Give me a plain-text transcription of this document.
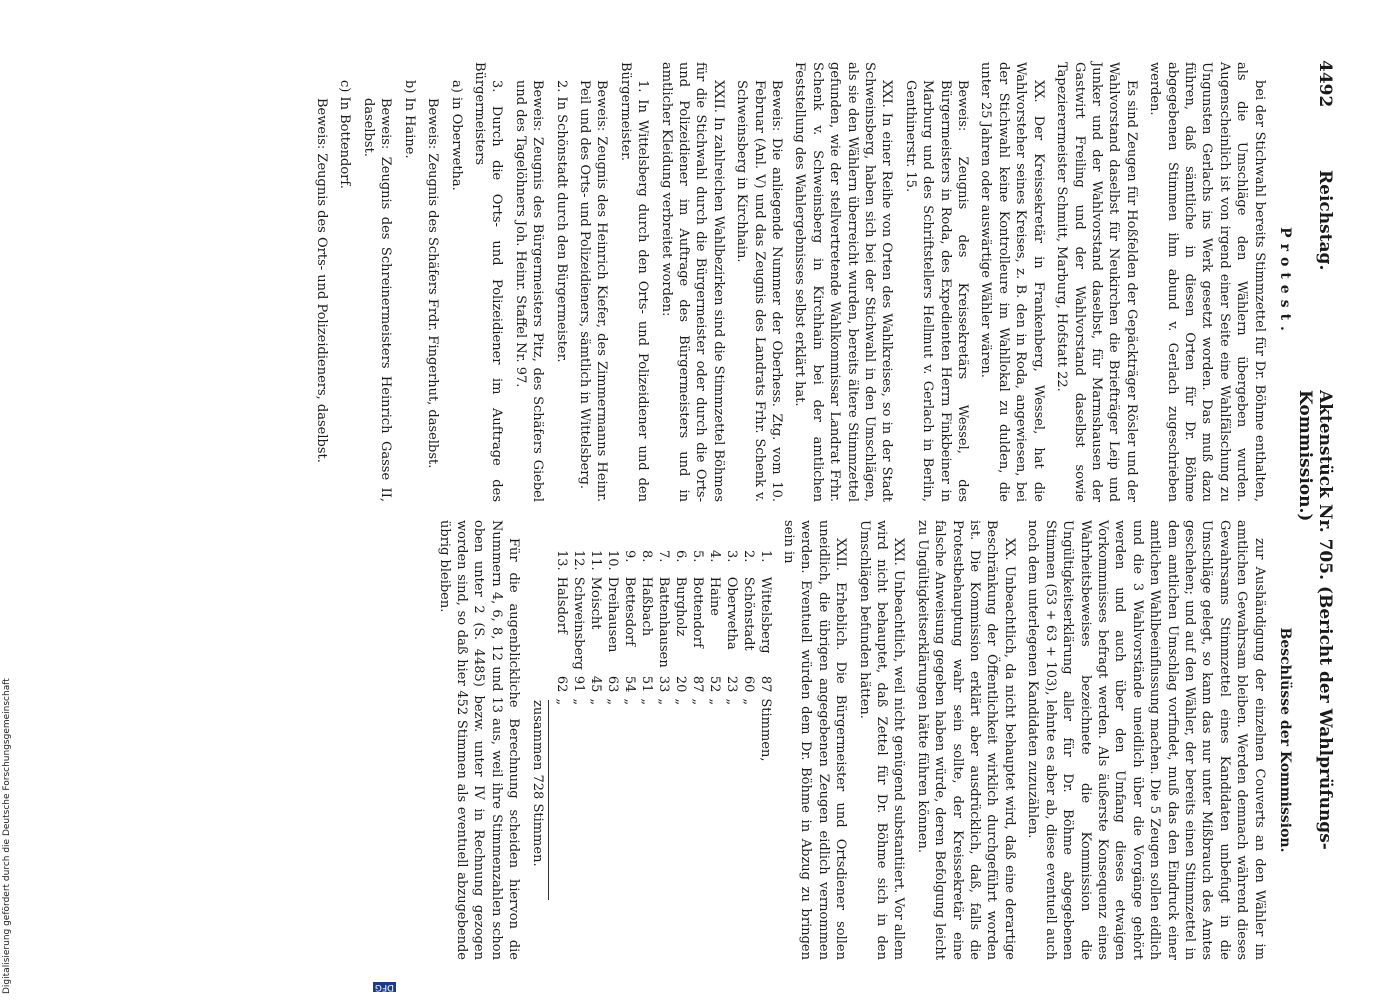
4492
Reichstag.
Aktenstück Nr. 705. (Bericht der Wahlprüfungs-Kommission.)
Protest.

bei der Stichwahl bereits Stimmzettel für Dr. Böhme enthalten, als die Umschläge den Wählern übergeben wurden. Augenscheinlich ist von irgend einer Seite eine Wahlfälschung zu Ungunsten Gerlachs ins Werk gesetzt worden. Das muß dazu führen, daß sämtliche in diesen Orten für Dr. Böhme abgegebenen Stimmen ihm abund v. Gerlach zugeschrieben werden.

Es sind Zeugen für Hoßfelden der Gepäckträger Rösler und der Wahlvorstand daselbst für Neukirchen die Briefträger Leip und Junker und der Wahlvorstand daselbst, für Marmshausen der Gastwirt Freiling und der Wahlvorstand daselbst sowie Tapezierermeister Schmitt, Marburg, Hofstatt 22.

XX. Der Kreissekretär in Frankenberg, Wessel, hat die Wahlvorsteher seines Kreises, z. B. den in Roda, angewiesen, bei der Stichwahl keine Kontrolleure im Wahllokal zu dulden, die unter 25 Jahren oder auswärtige Wähler wären.

Beweis: Zeugnis des Kreissekretärs Wessel, des Bürgermeisters in Roda, des Expedienten Herrn Finkbeiner in Marburg und des Schriftstellers Hellmut v. Gerlach in Berlin, Genthinerstr. 15.

XXI. In einer Reihe von Orten des Wahlkreises, so in der Stadt Schweinsberg, haben sich bei der Stichwahl in den Umschlägen, als sie den Wählern überreicht wurden, bereits ältere Stimmzettel gefunden, wie der stellvertretende Wahlkommissar Landrat Frhr. Schenk v. Schweinsberg in Kirchhain bei der amtlichen Feststellung des Wahlergebnisses selbst erklärt hat.

Beweis: Die anliegende Nummer der Oberhess. Ztg. vom 10. Februar (Anl. V) und das Zeugnis des Landrats Frhr. Schenk v. Schweinsberg in Kirchhain.

XXII. In zahlreichen Wahlbezirken sind die Stimmzettel Böhmes für die Stichwahl durch die Bürgermeister oder durch die Orts- und Polizeidiener im Auftrage des Bürgermeisters und in amtlicher Kleidung verbreitet worden:

1. In Wittelsberg durch den Orts- und Polizeidiener und den Bürgermeister.

Beweis: Zeugnis des Heinrich Kiefer, des Zimmermanns Heinr. Peil und des Orts- und Polizeidieners, sämtlich in Wittelsberg.

2. In Schönstadt durch den Bürgermeister.

Beweis: Zeugnis des Bürgermeisters Pitz, des Schäfers Giebel und des Tagelöhners Joh. Heinr. Staffel Nr. 97.

3. Durch die Orts- und Polizeidiener im Auftrage des Bürgermeisters

a) in Oberwetha.

Beweis: Zeugnis des Schäfers Frdr. Fingerhut, daselbst.

b) In Haine.

Beweis: Zeugnis des Schreinermeisters Heinrich Gasse II, daselbst.

c) In Bottendorf.

Beweis: Zeugnis des Orts- und Polizeidieners, daselbst.

Beschlüsse der Kommission.

zur Aushändigung der einzelnen Couverts an den Wähler im amtlichen Gewahrsam bleiben. Werden demnach während dieses Gewahrsams Stimmzettel eines Kandidaten unbefugt in die Umschläge gelegt, so kann das nur unter Mißbrauch des Amtes geschehen; und auf den Wähler, der bereits einen Stimmzettel in dem amtlichen Umschlag vorfindet, muß das den Eindruck einer amtlichen Wahlbeeinflussung machen. Die 5 Zeugen sollen eidlich und die 3 Wahlvorstände uneidlich über die Vorgänge gehört werden und auch über den Umfang dieses etwaigen Vorkommnisses befragt werden. Als äußerste Konsequenz eines Wahrheitsbeweises bezeichnete die Kommission die Ungültigkeitserklärung aller für Dr. Böhme abgegebenen Stimmen (53 + 63 + 103), lehnte es aber ab, diese eventuell auch noch dem unterlegenen Kandidaten zuzuzählen.

XX. Unbeachtlich, da nicht behauptet wird, daß eine derartige Beschränkung der Öffentlichkeit wirklich durchgeführt worden ist. Die Kommission erklärt aber ausdrücklich, daß, falls die Protestbehauptung wahr sein sollte, der Kreissekretär eine falsche Anweisung gegeben haben würde, deren Befolgung leicht zu Ungültigkeitserklärungen hätte führen können.

XXI. Unbeachtlich, weil nicht genügend substantiiert. Vor allem wird nicht behauptet, daß Zettel für Dr. Böhme sich in den Umschlägen befunden hätten.

XXII. Erheblich. Die Bürgermeister und Ortsdiener sollen uneidlich, die übrigen angegebenen Zeugen eidlich vernommen werden. Eventuell würden dem Dr. Böhme in Abzug zu bringen sein in

1.	Wittelsberg	87	Stimmen,
2.	Schönstadt	60	„
3.	Oberwetha	23	„
4.	Haine	52	„
5.	Bottendorf	87	„
6.	Burgholz	20	„
7.	Battenhausen	33	„
8.	Haßbach	51	„
9.	Bettesdorf	54	„
10.	Dreihausen	63	„
11.	Moischt	45	„
12.	Schweinsberg	91	„
13.	Halsdorf	62	„
zusammen 728 Stimmen.

Für die augenblickliche Berechnung scheiden hiervon die Nummern 4, 6, 8, 12 und 13 aus, weil ihre Stimmenzahlen schon oben unter 2 (S. 4485) bezw. unter IV in Rechnung gezogen worden sind, so daß hier 452 Stimmen als eventuell abzugebende übrig bleiben.

DFG
Digitalisierung gefördert durch die Deutsche Forschungsgemeinschaft
